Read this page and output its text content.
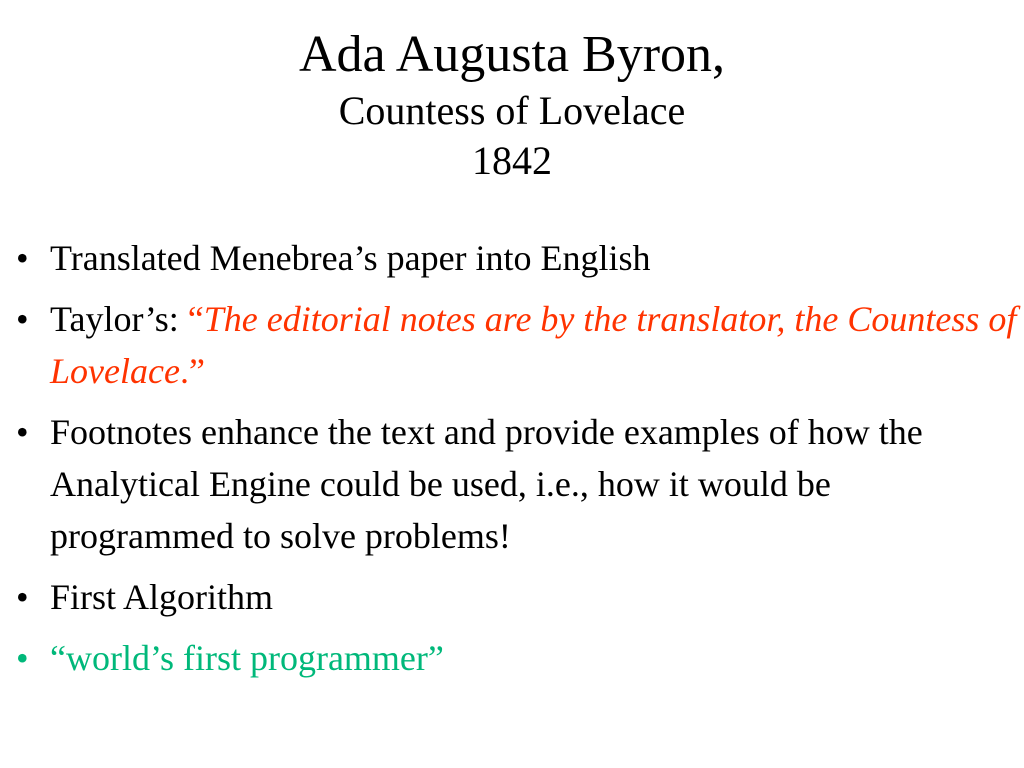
Ada Augusta Byron,
Countess of Lovelace
1842
• Translated Menebrea’s paper into English
• Taylor’s: “The editorial notes are by the translator, the Countess of Lovelace.”
• Footnotes enhance the text and provide examples of how the Analytical Engine could be used, i.e., how it would be programmed to solve problems!
• First Algorithm
• “world’s first programmer”
